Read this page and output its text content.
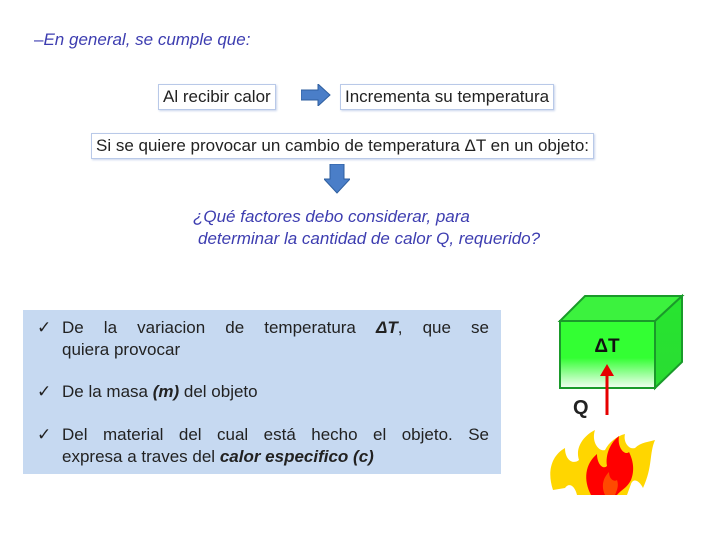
–En general, se cumple que:
Al recibir calor	Incrementa su temperatura
Si se quiere provocar un cambio de temperatura ΔT en un objeto:
¿Qué factores debo considerar, para
determinar la cantidad de calor Q, requerido?
✓ De la variacion de temperatura ΔT, que se
quiera provocar
✓ De la masa (m) del objeto
✓ Del material del cual está hecho el objeto. Se
expresa a traves del calor especifico (c)
ΔT
Q
